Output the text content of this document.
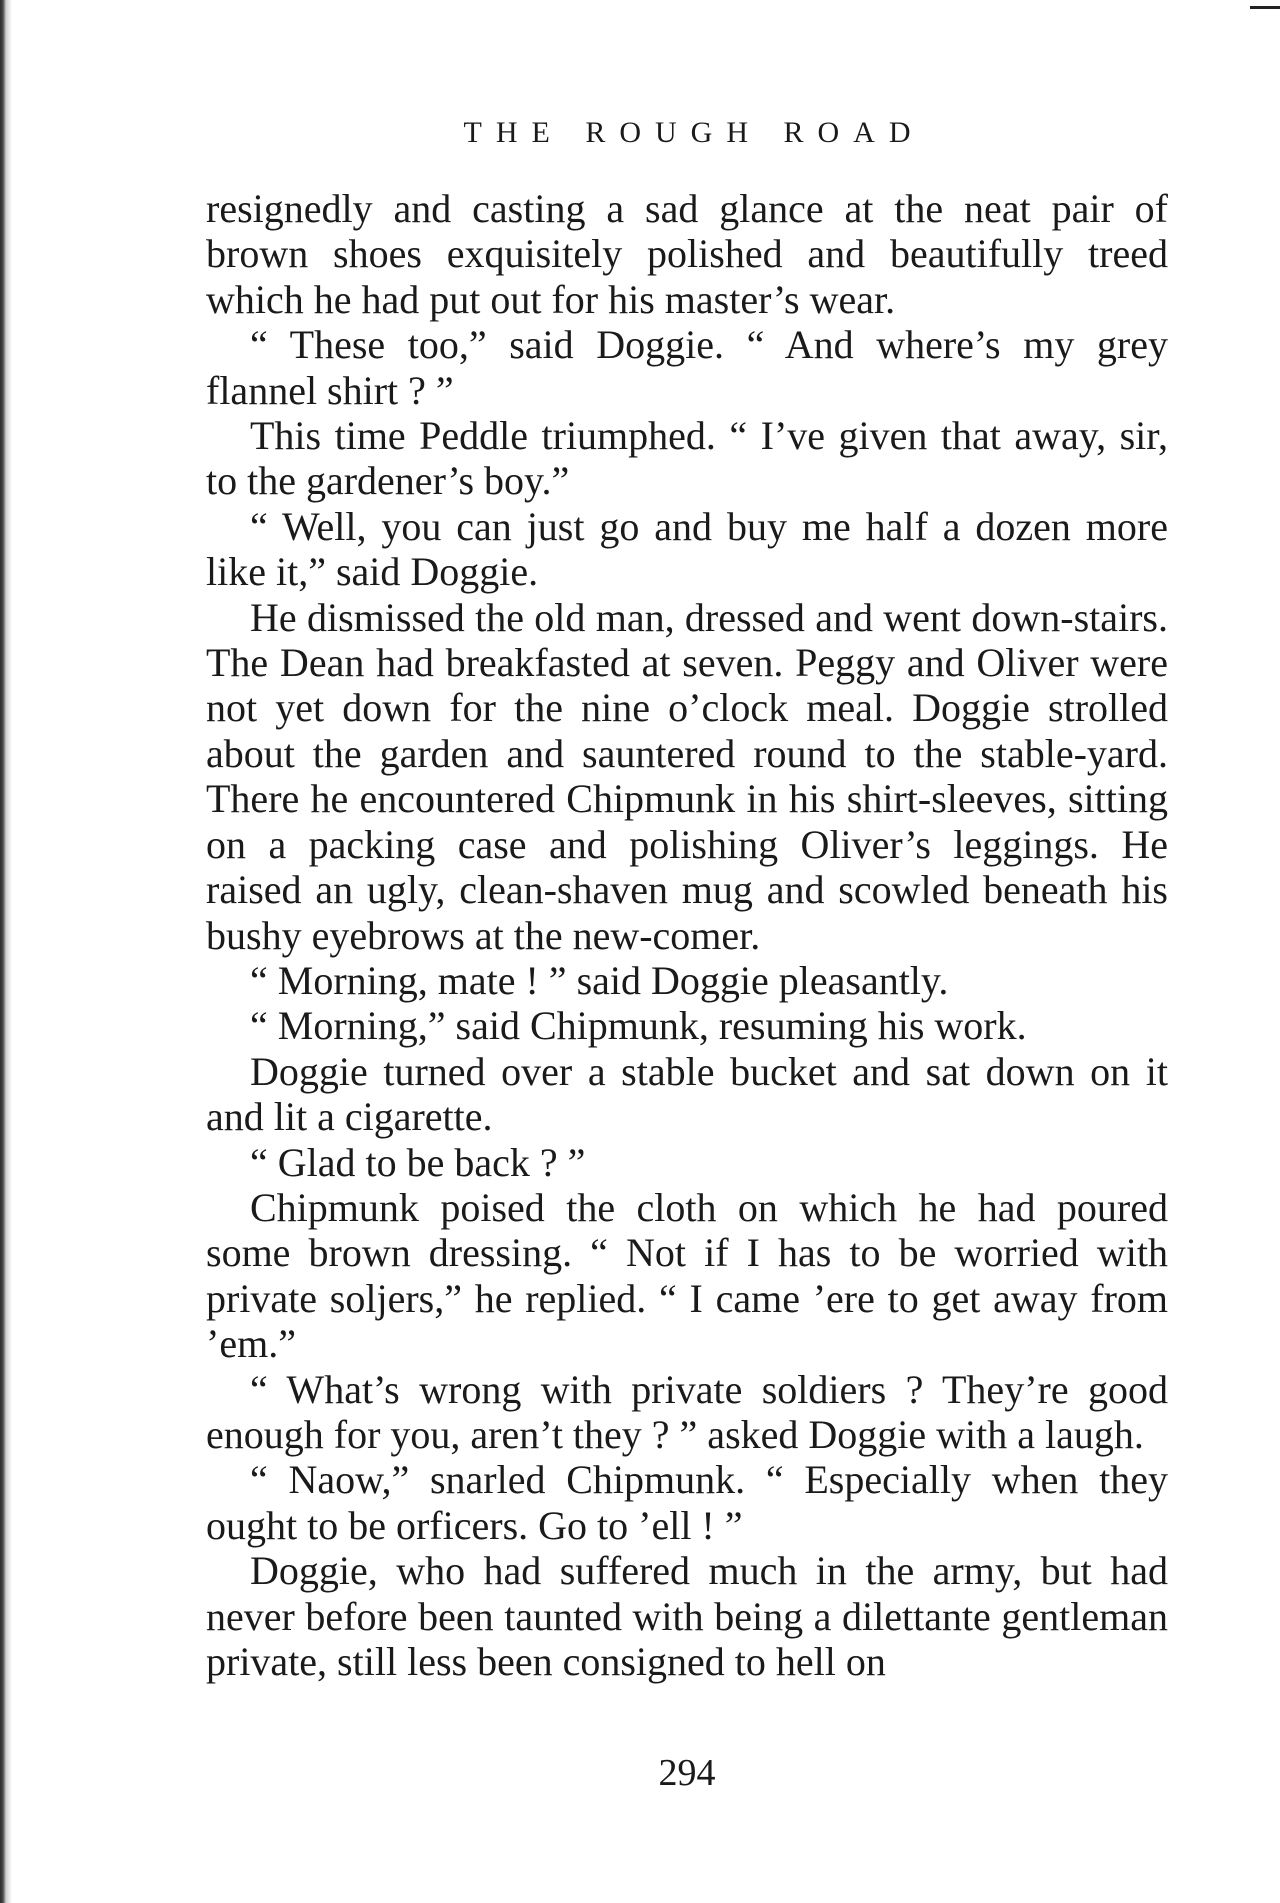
THE ROUGH ROAD

resignedly and casting a sad glance at the neat pair of brown shoes exquisitely polished and beautifully treed which he had put out for his master’s wear.

“ These too,” said Doggie. “ And where’s my grey flannel shirt ? ”

This time Peddle triumphed. “ I’ve given that away, sir, to the gardener’s boy.”

“ Well, you can just go and buy me half a dozen more like it,” said Doggie.

He dismissed the old man, dressed and went down-stairs. The Dean had breakfasted at seven. Peggy and Oliver were not yet down for the nine o’clock meal. Doggie strolled about the garden and sauntered round to the stable-yard. There he encountered Chipmunk in his shirt-sleeves, sitting on a packing case and polishing Oliver’s leggings. He raised an ugly, clean-shaven mug and scowled beneath his bushy eyebrows at the new-comer.

“ Morning, mate ! ” said Doggie pleasantly.

“ Morning,” said Chipmunk, resuming his work.

Doggie turned over a stable bucket and sat down on it and lit a cigarette.

“ Glad to be back ? ”

Chipmunk poised the cloth on which he had poured some brown dressing. “ Not if I has to be worried with private soljers,” he replied. “ I came ’ere to get away from ’em.”

“ What’s wrong with private soldiers ? They’re good enough for you, aren’t they ? ” asked Doggie with a laugh.

“ Naow,” snarled Chipmunk. “ Especially when they ought to be orficers. Go to ’ell ! ”

Doggie, who had suffered much in the army, but had never before been taunted with being a dilettante gentleman private, still less been consigned to hell on

294
